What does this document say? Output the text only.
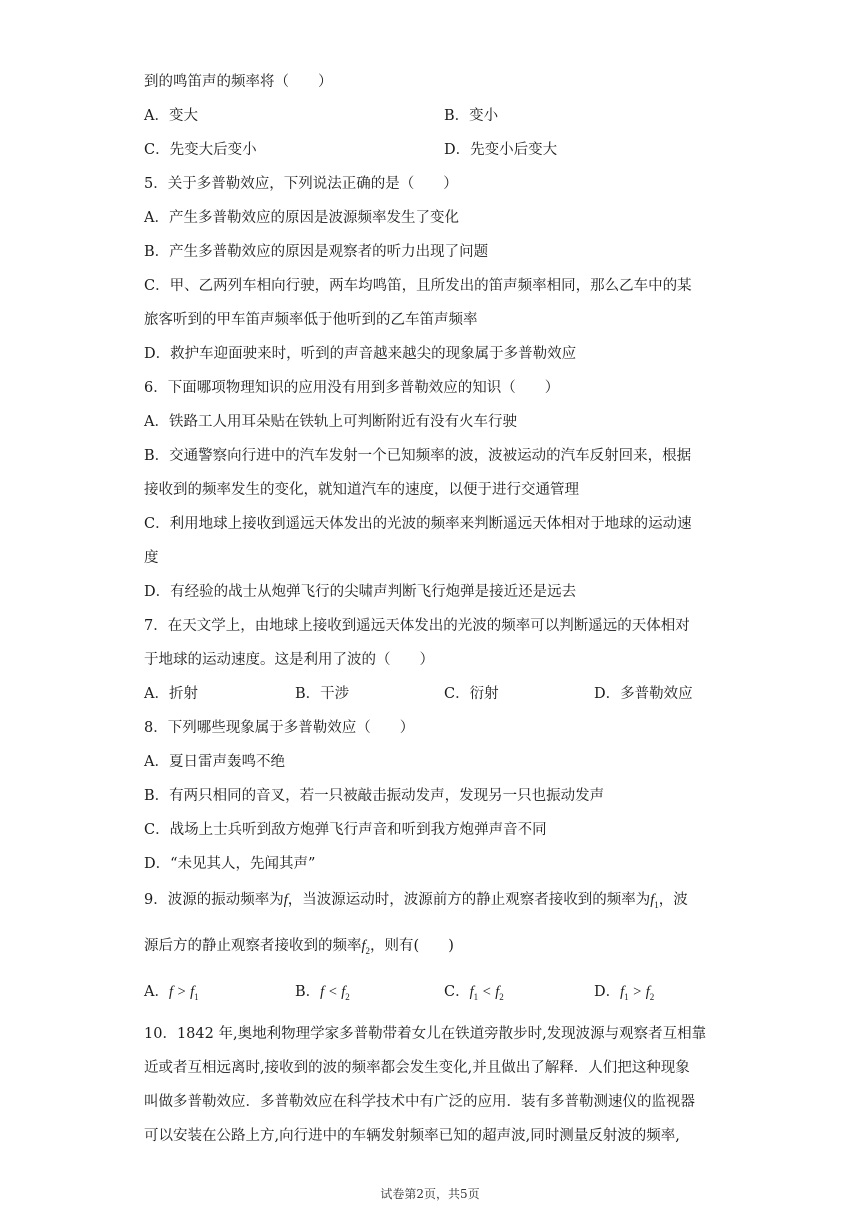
到的鸣笛声的频率将（　　）
A．变大	B．变小
C．先变大后变小	D．先变小后变大
5．关于多普勒效应，下列说法正确的是（　　）
A．产生多普勒效应的原因是波源频率发生了变化
B．产生多普勒效应的原因是观察者的听力出现了问题
C．甲、乙两列车相向行驶，两车均鸣笛，且所发出的笛声频率相同，那么乙车中的某
旅客听到的甲车笛声频率低于他听到的乙车笛声频率
D．救护车迎面驶来时，听到的声音越来越尖的现象属于多普勒效应
6．下面哪项物理知识的应用没有用到多普勒效应的知识（　　）
A．铁路工人用耳朵贴在铁轨上可判断附近有没有火车行驶
B．交通警察向行进中的汽车发射一个已知频率的波，波被运动的汽车反射回来，根据
接收到的频率发生的变化，就知道汽车的速度，以便于进行交通管理
C．利用地球上接收到遥远天体发出的光波的频率来判断遥远天体相对于地球的运动速
度
D．有经验的战士从炮弹飞行的尖啸声判断飞行炮弹是接近还是远去
7．在天文学上，由地球上接收到遥远天体发出的光波的频率可以判断遥远的天体相对
于地球的运动速度。这是利用了波的（　　）
A．折射	B．干涉	C．衍射	D．多普勒效应
8．下列哪些现象属于多普勒效应（　　）
A．夏日雷声轰鸣不绝
B．有两只相同的音叉，若一只被敲击振动发声，发现另一只也振动发声
C．战场上士兵听到敌方炮弹飞行声音和听到我方炮弹声音不同
D．“未见其人，先闻其声”
9．波源的振动频率为f，当波源运动时，波源前方的静止观察者接收到的频率为$f_1$，波
源后方的静止观察者接收到的频率$f_2$，则有(　　)
A．$f > f_1$	B．$f < f_2$	C．$f_1 < f_2$	D．$f_1 > f_2$
10．1842 年,奥地利物理学家多普勒带着女儿在铁道旁散步时,发现波源与观察者互相靠
近或者互相远离时,接收到的波的频率都会发生变化,并且做出了解释．人们把这种现象
叫做多普勒效应．多普勒效应在科学技术中有广泛的应用．装有多普勒测速仪的监视器
可以安装在公路上方,向行进中的车辆发射频率已知的超声波,同时测量反射波的频率,
试卷第2页，共5页
